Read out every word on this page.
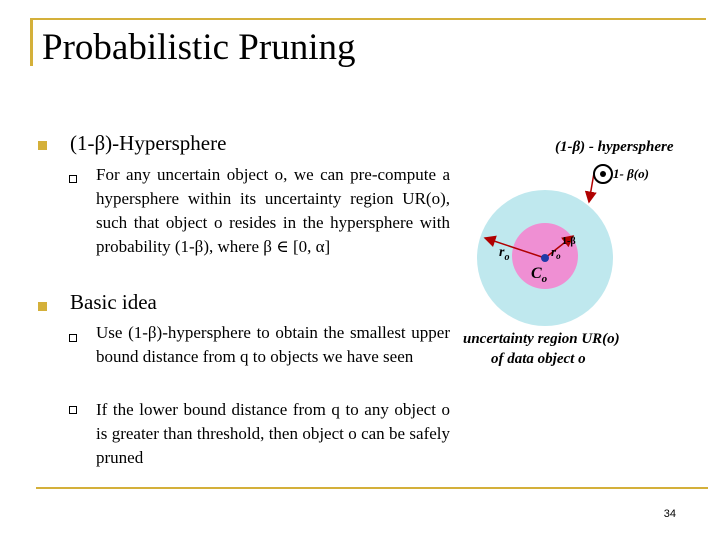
Probabilistic Pruning
(1-β)-Hypersphere
For any uncertain object o, we can pre-compute a hypersphere within its uncertainty region UR(o), such that object o resides in the hypersphere with probability (1-β), where β ∈ [0, α]
Basic idea
Use (1-β)-hypersphere to obtain the smallest upper bound distance from q to objects we have seen
If the lower bound distance from q to any object o is greater than threshold, then object o can be safely pruned
(1-β) - hypersphere
1- β(o)
$r_o$	$r_o$
1-β
$C_o$
uncertainty region UR(o)
of data object o
34
